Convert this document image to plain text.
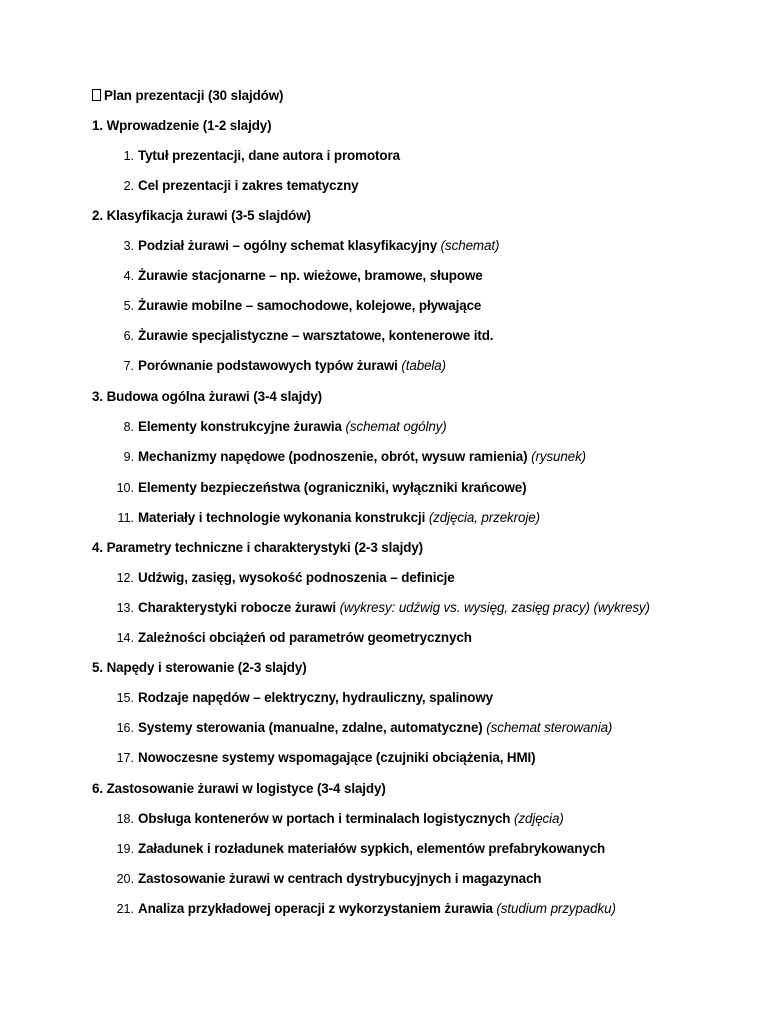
Plan prezentacji (30 slajdów)
1. Wprowadzenie (1-2 slajdy)
1. Tytuł prezentacji, dane autora i promotora
2. Cel prezentacji i zakres tematyczny
2. Klasyfikacja żurawi (3-5 slajdów)
3. Podział żurawi – ogólny schemat klasyfikacyjny (schemat)
4. Żurawie stacjonarne – np. wieżowe, bramowe, słupowe
5. Żurawie mobilne – samochodowe, kolejowe, pływające
6. Żurawie specjalistyczne – warsztatowe, kontenerowe itd.
7. Porównanie podstawowych typów żurawi (tabela)
3. Budowa ogólna żurawi (3-4 slajdy)
8. Elementy konstrukcyjne żurawia (schemat ogólny)
9. Mechanizmy napędowe (podnoszenie, obrót, wysuw ramienia) (rysunek)
10. Elementy bezpieczeństwa (ograniczniki, wyłączniki krańcowe)
11. Materiały i technologie wykonania konstrukcji (zdjęcia, przekroje)
4. Parametry techniczne i charakterystyki (2-3 slajdy)
12. Udźwig, zasięg, wysokość podnoszenia – definicje
13. Charakterystyki robocze żurawi (wykresy: udźwig vs. wysięg, zasięg pracy) (wykresy)
14. Zależności obciążeń od parametrów geometrycznych
5. Napędy i sterowanie (2-3 slajdy)
15. Rodzaje napędów – elektryczny, hydrauliczny, spalinowy
16. Systemy sterowania (manualne, zdalne, automatyczne) (schemat sterowania)
17. Nowoczesne systemy wspomagające (czujniki obciążenia, HMI)
6. Zastosowanie żurawi w logistyce (3-4 slajdy)
18. Obsługa kontenerów w portach i terminalach logistycznych (zdjęcia)
19. Załadunek i rozładunek materiałów sypkich, elementów prefabrykowanych
20. Zastosowanie żurawi w centrach dystrybucyjnych i magazynach
21. Analiza przykładowej operacji z wykorzystaniem żurawia (studium przypadku)
